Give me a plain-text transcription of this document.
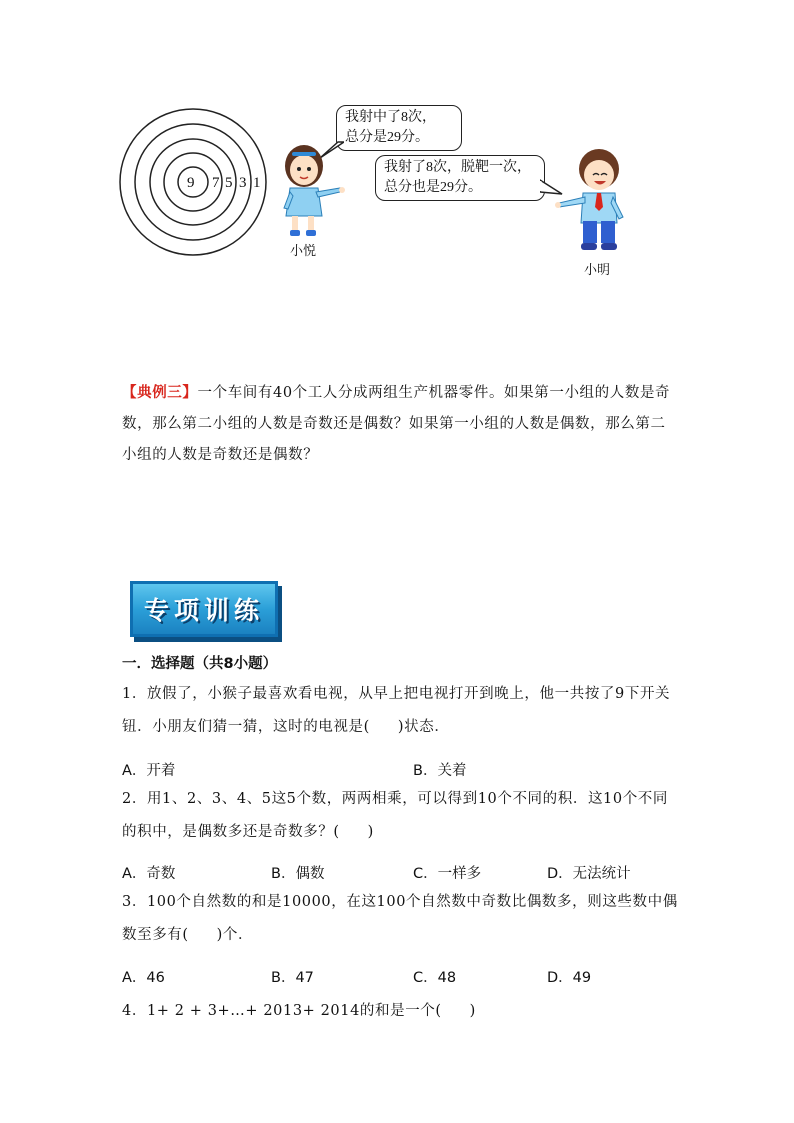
9 7 5 3 1
我射中了8次，
总分是29分。
我射了8次，脱靶一次，
总分也是29分。
小悦
小明
【典例三】一个车间有40个工人分成两组生产机器零件。如果第一小组的人数是奇数，那么第二小组的人数是奇数还是偶数？如果第一小组的人数是偶数，那么第二小组的人数是奇数还是偶数？
专项训练
一．选择题（共8小题）
1．放假了，小猴子最喜欢看电视，从早上把电视打开到晚上，他一共按了9下开关钮．小朋友们猜一猜，这时的电视是( )状态．
A．开着	B．关着
2．用1、2、3、4、5这5个数，两两相乘，可以得到10个不同的积．这10个不同的积中，是偶数多还是奇数多？( )
A．奇数	B．偶数	C．一样多	D．无法统计
3．100个自然数的和是10000，在这100个自然数中奇数比偶数多，则这些数中偶数至多有( )个．
A．46	B．47	C．48	D．49
4．1+ 2 + 3+…+ 2013+ 2014的和是一个( )
